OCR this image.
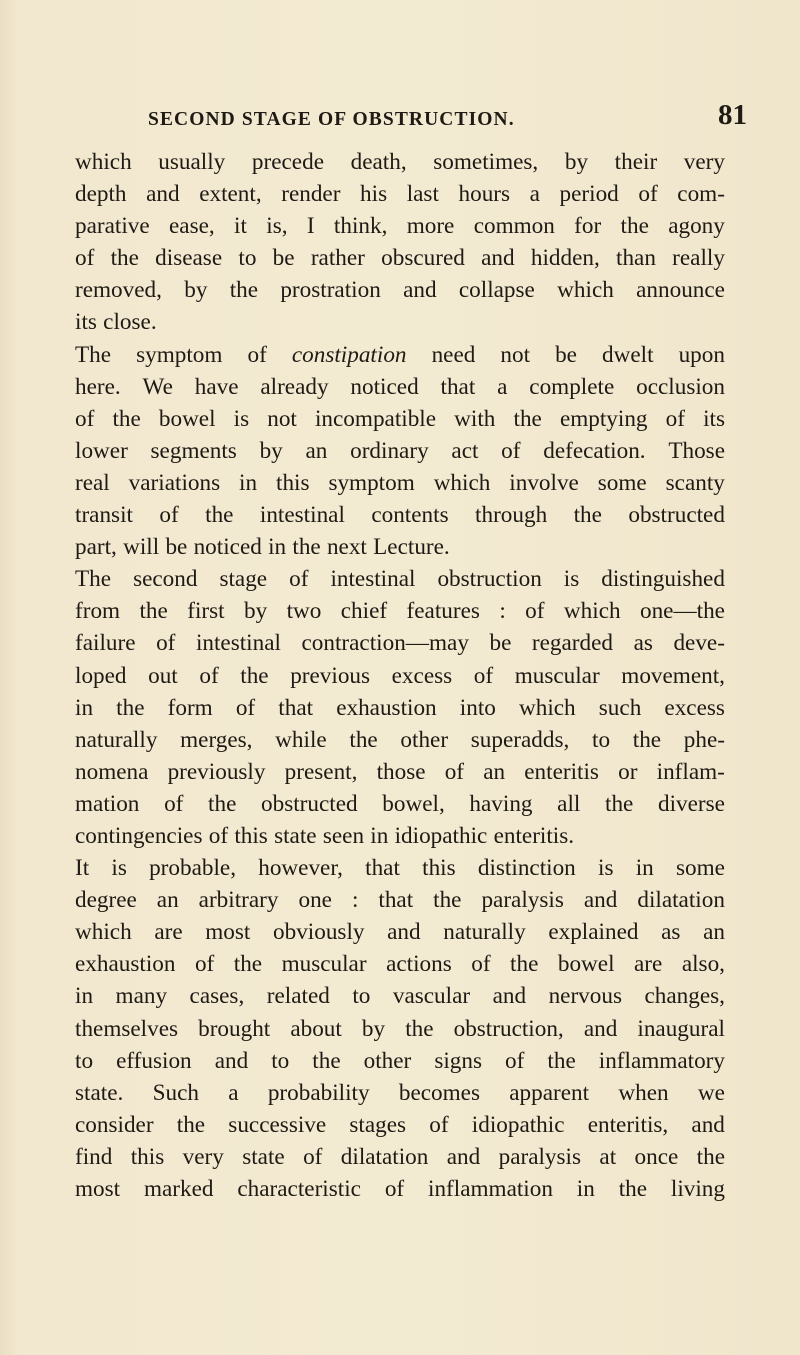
SECOND STAGE OF OBSTRUCTION.	81
which usually precede death, sometimes, by their very
depth and extent, render his last hours a period of com-
parative ease, it is, I think, more common for the agony
of the disease to be rather obscured and hidden, than really
removed, by the prostration and collapse which announce
its close.
The symptom of constipation need not be dwelt upon
here. We have already noticed that a complete occlusion
of the bowel is not incompatible with the emptying of its
lower segments by an ordinary act of defecation. Those
real variations in this symptom which involve some scanty
transit of the intestinal contents through the obstructed
part, will be noticed in the next Lecture.
The second stage of intestinal obstruction is distinguished
from the first by two chief features : of which one—the
failure of intestinal contraction—may be regarded as deve-
loped out of the previous excess of muscular movement,
in the form of that exhaustion into which such excess
naturally merges, while the other superadds, to the phe-
nomena previously present, those of an enteritis or inflam-
mation of the obstructed bowel, having all the diverse
contingencies of this state seen in idiopathic enteritis.
It is probable, however, that this distinction is in some
degree an arbitrary one : that the paralysis and dilatation
which are most obviously and naturally explained as an
exhaustion of the muscular actions of the bowel are also,
in many cases, related to vascular and nervous changes,
themselves brought about by the obstruction, and inaugural
to effusion and to the other signs of the inflammatory
state. Such a probability becomes apparent when we
consider the successive stages of idiopathic enteritis, and
find this very state of dilatation and paralysis at once the
most marked characteristic of inflammation in the living
